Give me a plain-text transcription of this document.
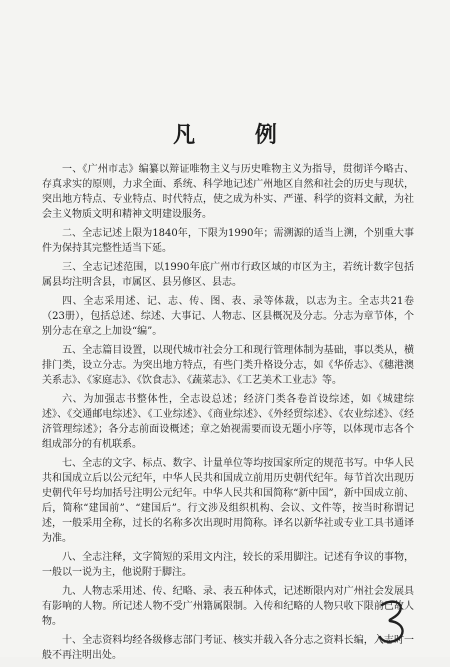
凡 例

一、《广州市志》编纂以辩证唯物主义与历史唯物主义为指导，贯彻详今略古、存真求实的原则，力求全面、系统、科学地记述广州地区自然和社会的历史与现状，突出地方特点、专业特点、时代特点，使之成为朴实、严谨、科学的资料文献，为社会主义物质文明和精神文明建设服务。

二、全志记述上限为1840年，下限为1990年；需溯源的适当上溯，个别重大事件为保持其完整性适当下延。

三、全志记述范围，以1990年底广州市行政区域的市区为主，若统计数字包括属县均注明含县，市属区、县另修区、县志。

四、全志采用述、记、志、传、图、表、录等体裁，以志为主。全志共21卷（23册），包括总述、综述、大事记、人物志、区县概况及分志。分志为章节体，个别分志在章之上加设“编”。

五、全志篇目设置，以现代城市社会分工和现行管理体制为基础，事以类从，横排门类，设立分志。为突出地方特点，有些门类升格设分志，如《华侨志》、《穗港澳关系志》、《家庭志》、《饮食志》、《蔬菜志》、《工艺美术工业志》等。

六、为加强志书整体性，全志设总述；经济门类各卷首设综述，如《城建综述》、《交通邮电综述》、《工业综述》、《商业综述》、《外经贸综述》、《农业综述》、《经济管理综述》；各分志前面设概述；章之始视需要而设无题小序等，以体现市志各个组成部分的有机联系。

七、全志的文字、标点、数字、计量单位等均按国家所定的规范书写。中华人民共和国成立后以公元纪年，中华人民共和国成立前用历史朝代纪年。每节首次出现历史朝代年号均加括号注明公元纪年。中华人民共和国简称“新中国”，新中国成立前、后，简称“建国前”、“建国后”。行文涉及组织机构、会议、文件等，按当时称谓记述，一般采用全称，过长的名称多次出现时用简称。译名以新华社或专业工具书通译为准。

八、全志注释，文字简短的采用文内注，较长的采用脚注。记述有争议的事物，一般以一说为主，他说附于脚注。

九、人物志采用述、传、纪略、录、表五种体式，记述断限内对广州社会发展具有影响的人物。所记述人物不受广州籍属限制。入传和纪略的人物只收下限前已故人物。

十、全志资料均经各级修志部门考证、核实并载入各分志之资料长编，入志时一般不再注明出处。
